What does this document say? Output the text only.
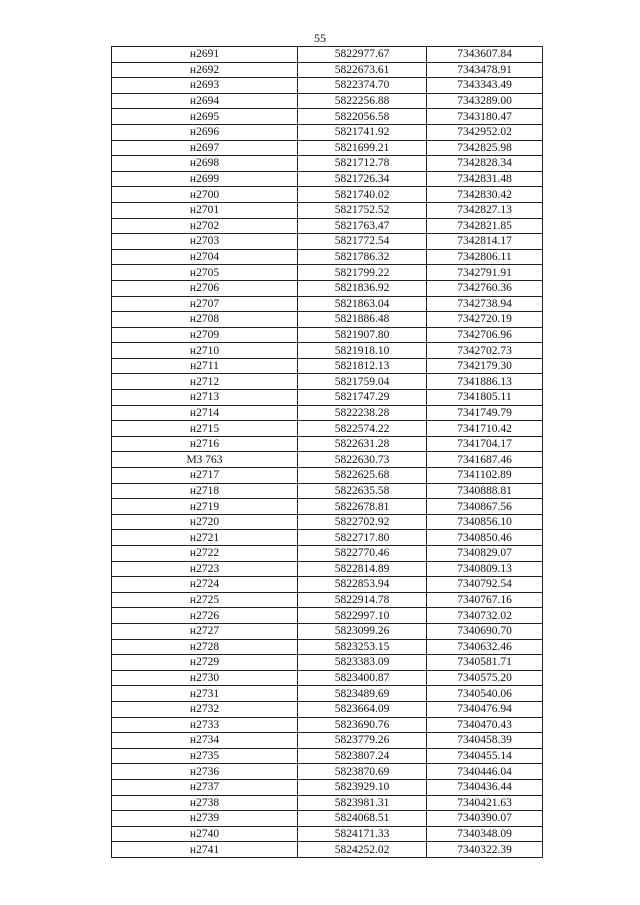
55
н2691	5822977.67	7343607.84
н2692	5822673.61	7343478.91
н2693	5822374.70	7343343.49
н2694	5822256.88	7343289.00
н2695	5822056.58	7343180.47
н2696	5821741.92	7342952.02
н2697	5821699.21	7342825.98
н2698	5821712.78	7342828.34
н2699	5821726.34	7342831.48
н2700	5821740.02	7342830.42
н2701	5821752.52	7342827.13
н2702	5821763.47	7342821.85
н2703	5821772.54	7342814.17
н2704	5821786.32	7342806.11
н2705	5821799.22	7342791.91
н2706	5821836.92	7342760.36
н2707	5821863.04	7342738.94
н2708	5821886.48	7342720.19
н2709	5821907.80	7342706.96
н2710	5821918.10	7342702.73
н2711	5821812.13	7342179.30
н2712	5821759.04	7341886.13
н2713	5821747.29	7341805.11
н2714	5822238.28	7341749.79
н2715	5822574.22	7341710.42
н2716	5822631.28	7341704.17
МЗ 763	5822630.73	7341687.46
н2717	5822625.68	7341102.89
н2718	5822635.58	7340888.81
н2719	5822678.81	7340867.56
н2720	5822702.92	7340856.10
н2721	5822717.80	7340850.46
н2722	5822770.46	7340829.07
н2723	5822814.89	7340809.13
н2724	5822853.94	7340792.54
н2725	5822914.78	7340767.16
н2726	5822997.10	7340732.02
н2727	5823099.26	7340690.70
н2728	5823253.15	7340632.46
н2729	5823383.09	7340581.71
н2730	5823400.87	7340575.20
н2731	5823489.69	7340540.06
н2732	5823664.09	7340476.94
н2733	5823690.76	7340470.43
н2734	5823779.26	7340458.39
н2735	5823807.24	7340455.14
н2736	5823870.69	7340446.04
н2737	5823929.10	7340436.44
н2738	5823981.31	7340421.63
н2739	5824068.51	7340390.07
н2740	5824171.33	7340348.09
н2741	5824252.02	7340322.39
